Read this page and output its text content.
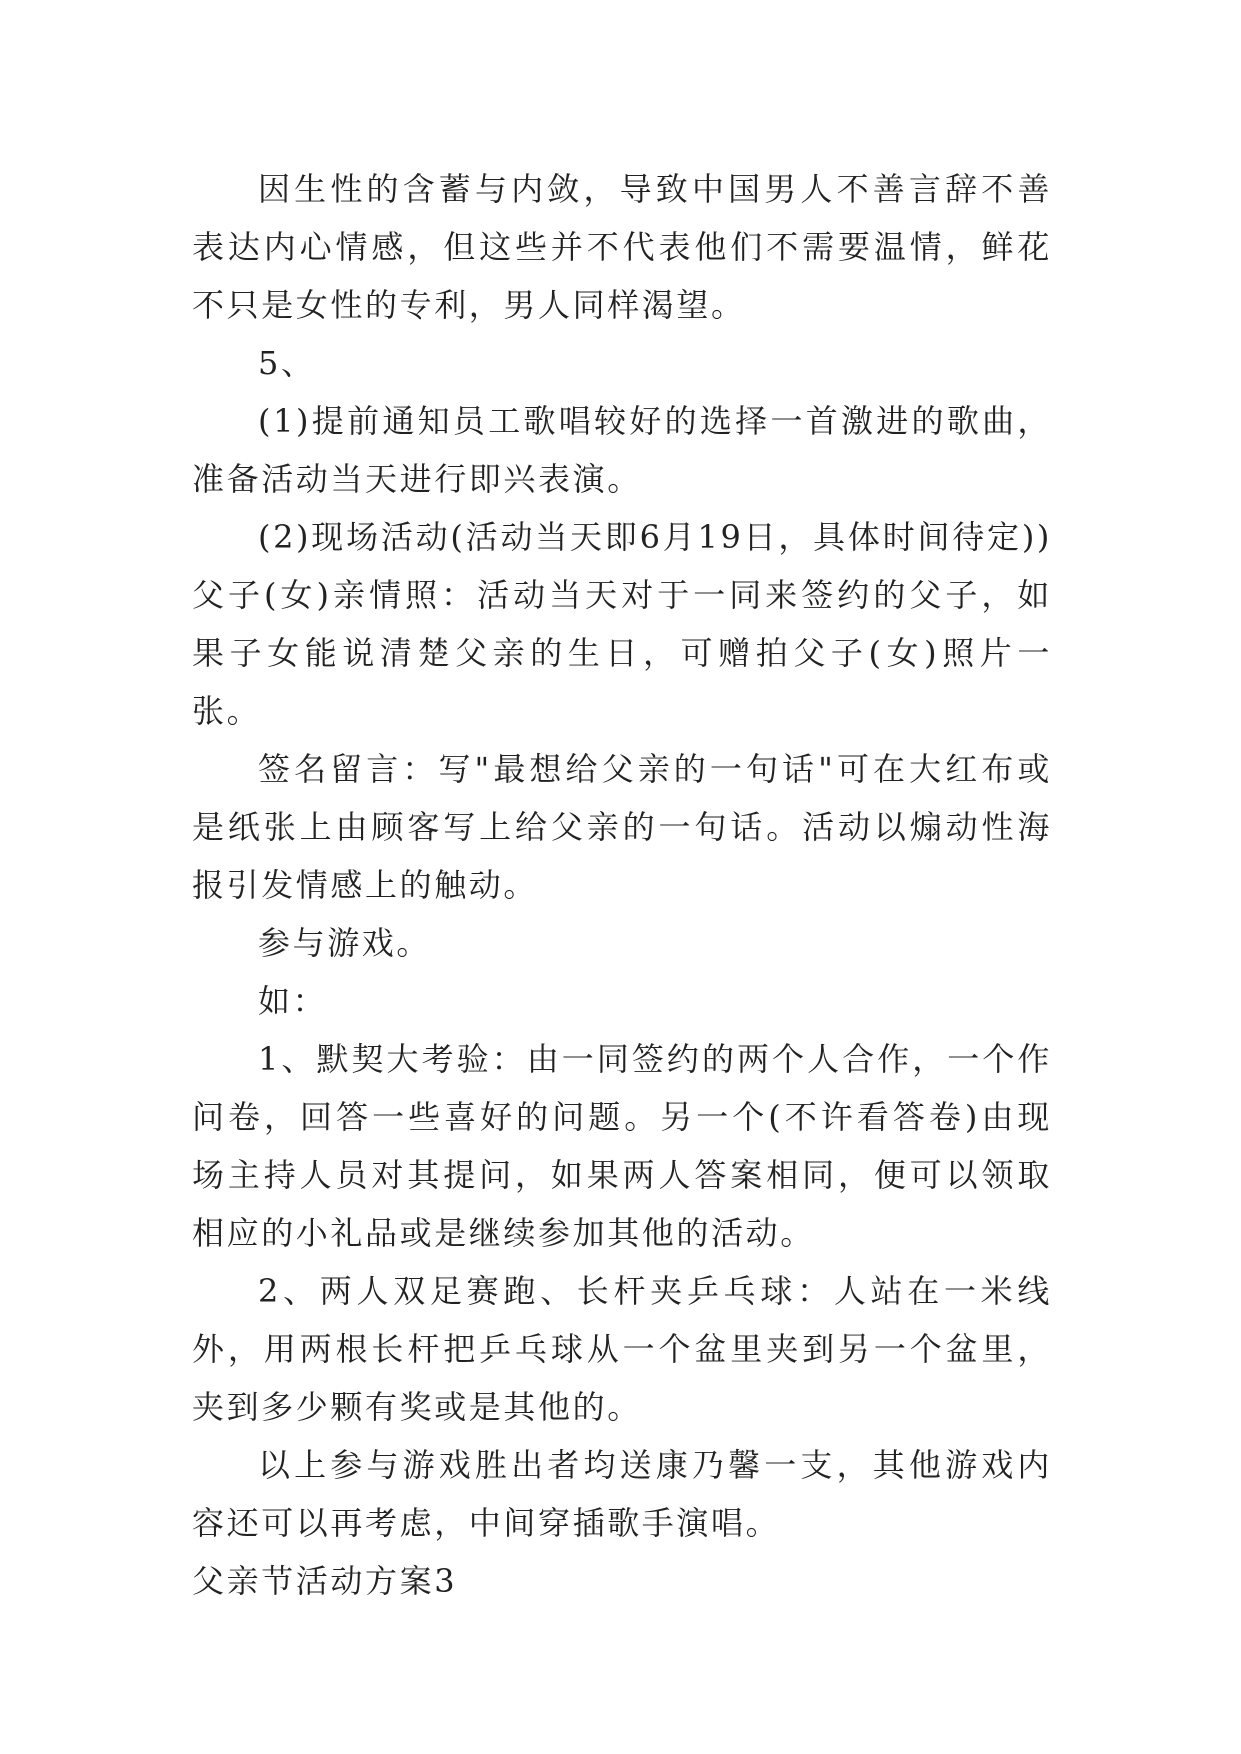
因生性的含蓄与内敛，导致中国男人不善言辞不善表达内心情感，但这些并不代表他们不需要温情，鲜花不只是女性的专利，男人同样渴望。

5、

(1)提前通知员工歌唱较好的选择一首激进的歌曲，准备活动当天进行即兴表演。

(2)现场活动(活动当天即6月19日，具体时间待定))父子(女)亲情照：活动当天对于一同来签约的父子，如果子女能说清楚父亲的生日，可赠拍父子(女)照片一张。

签名留言：写"最想给父亲的一句话"可在大红布或是纸张上由顾客写上给父亲的一句话。活动以煽动性海报引发情感上的触动。

参与游戏。

如：

1、默契大考验：由一同签约的两个人合作，一个作问卷，回答一些喜好的问题。另一个(不许看答卷)由现场主持人员对其提问，如果两人答案相同，便可以领取相应的小礼品或是继续参加其他的活动。

2、两人双足赛跑、长杆夹乒乓球：人站在一米线外，用两根长杆把乒乓球从一个盆里夹到另一个盆里，夹到多少颗有奖或是其他的。

以上参与游戏胜出者均送康乃馨一支，其他游戏内容还可以再考虑，中间穿插歌手演唱。

父亲节活动方案3
